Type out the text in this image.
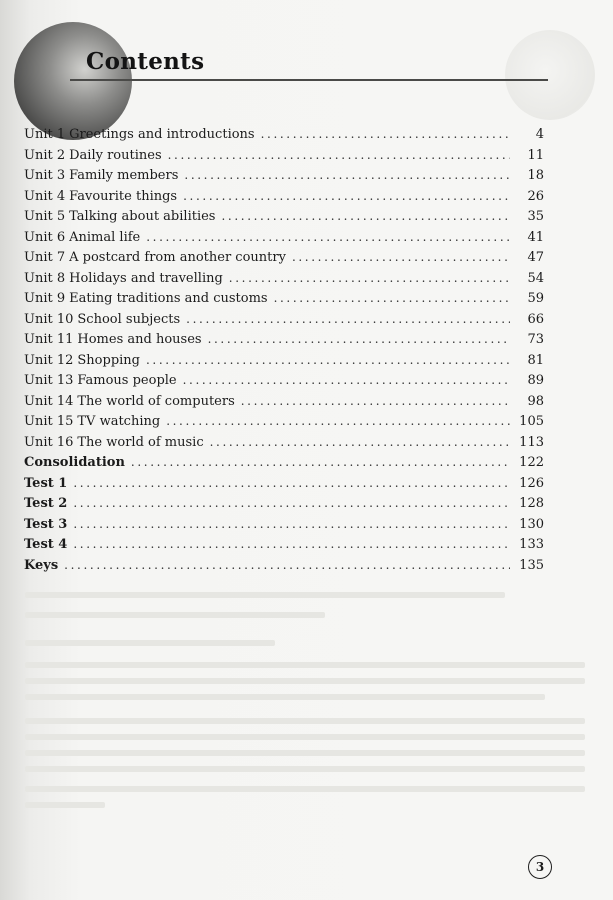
Contents
Unit 1 Greetings and introductions . . .	4
Unit 2 Daily routines . . .	11
Unit 3 Family members . . .	18
Unit 4 Favourite things . . .	26
Unit 5 Talking about abilities . . .	35
Unit 6 Animal life . . .	41
Unit 7 A postcard from another country . . .	47
Unit 8 Holidays and travelling . . .	54
Unit 9 Eating traditions and customs . . .	59
Unit 10 School subjects . . .	66
Unit 11 Homes and houses . . .	73
Unit 12 Shopping . . .	81
Unit 13 Famous people . . .	89
Unit 14 The world of computers . . .	98
Unit 15 TV watching . . .	105
Unit 16 The world of music . . .	113
Consolidation . . .	122
Test 1 . . .	126
Test 2 . . .	128
Test 3 . . .	130
Test 4 . . .	133
Keys . . .	135
3
